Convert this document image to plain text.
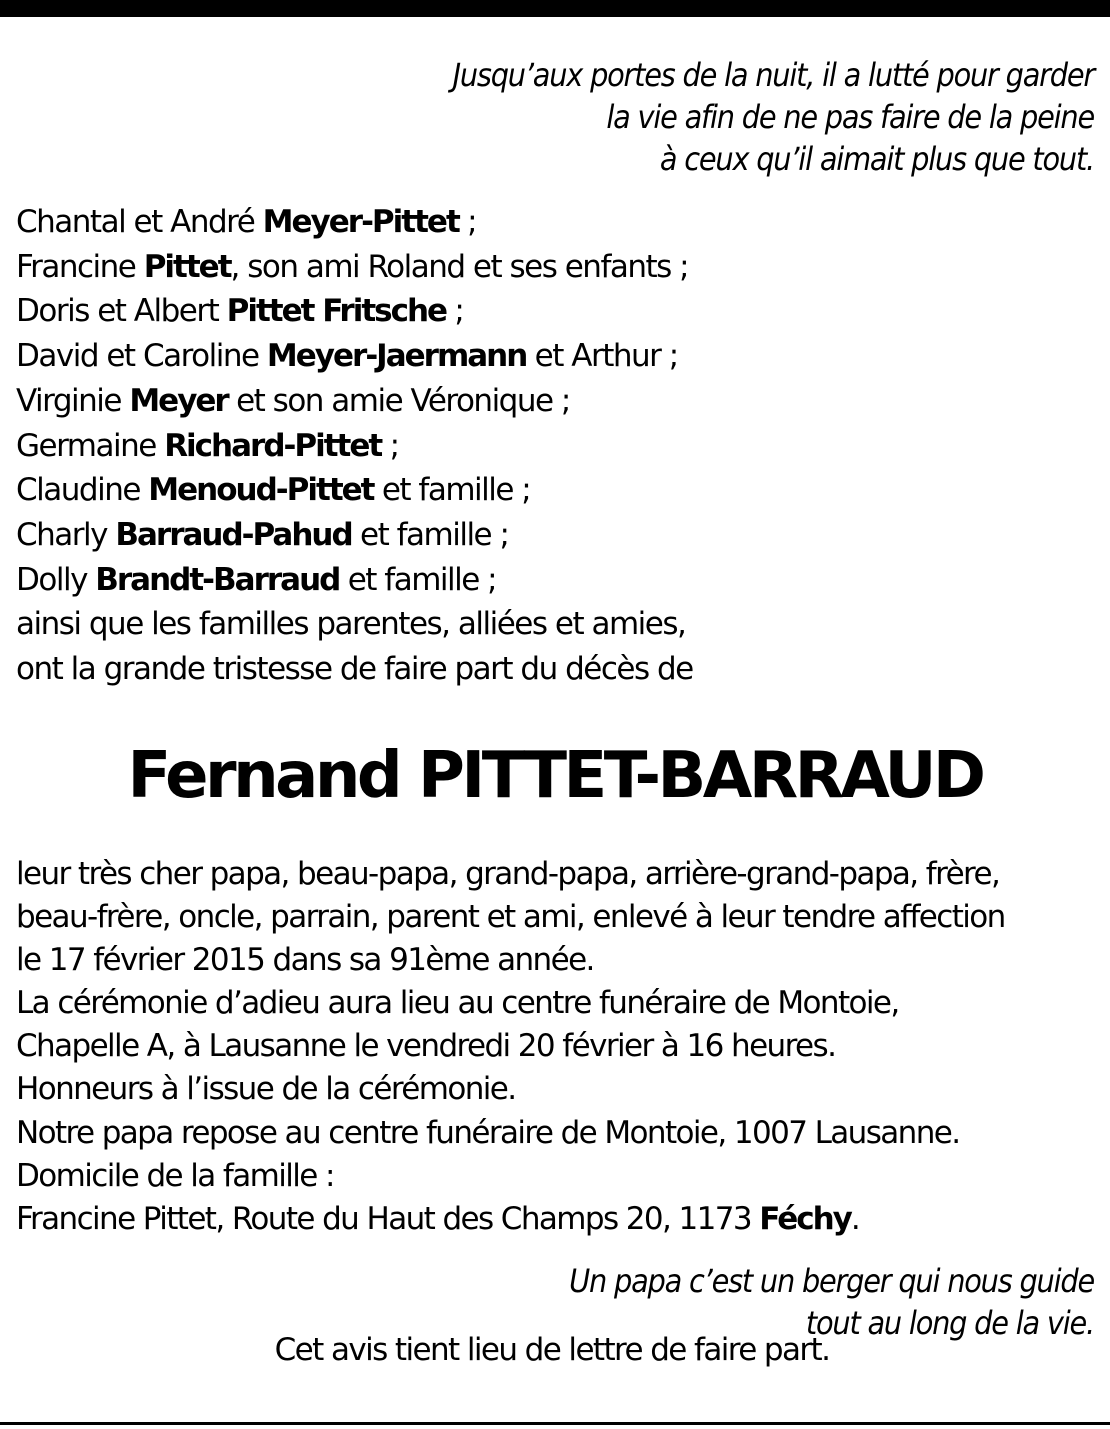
Jusqu’aux portes de la nuit, il a lutté pour garder
la vie afin de ne pas faire de la peine
à ceux qu’il aimait plus que tout.

Chantal et André Meyer-Pittet ;
Francine Pittet, son ami Roland et ses enfants ;
Doris et Albert Pittet Fritsche ;
David et Caroline Meyer-Jaermann et Arthur ;
Virginie Meyer et son amie Véronique ;
Germaine Richard-Pittet ;
Claudine Menoud-Pittet et famille ;
Charly Barraud-Pahud et famille ;
Dolly Brandt-Barraud et famille ;
ainsi que les familles parentes, alliées et amies,
ont la grande tristesse de faire part du décès de

Fernand PITTET-BARRAUD

leur très cher papa, beau-papa, grand-papa, arrière-grand-papa, frère,
beau-frère, oncle, parrain, parent et ami, enlevé à leur tendre affection
le 17 février 2015 dans sa 91ème année.
La cérémonie d’adieu aura lieu au centre funéraire de Montoie,
Chapelle A, à Lausanne le vendredi 20 février à 16 heures.
Honneurs à l’issue de la cérémonie.
Notre papa repose au centre funéraire de Montoie, 1007 Lausanne.
Domicile de la famille :
Francine Pittet, Route du Haut des Champs 20, 1173 Féchy.

Un papa c’est un berger qui nous guide
tout au long de la vie.

Cet avis tient lieu de lettre de faire part.
